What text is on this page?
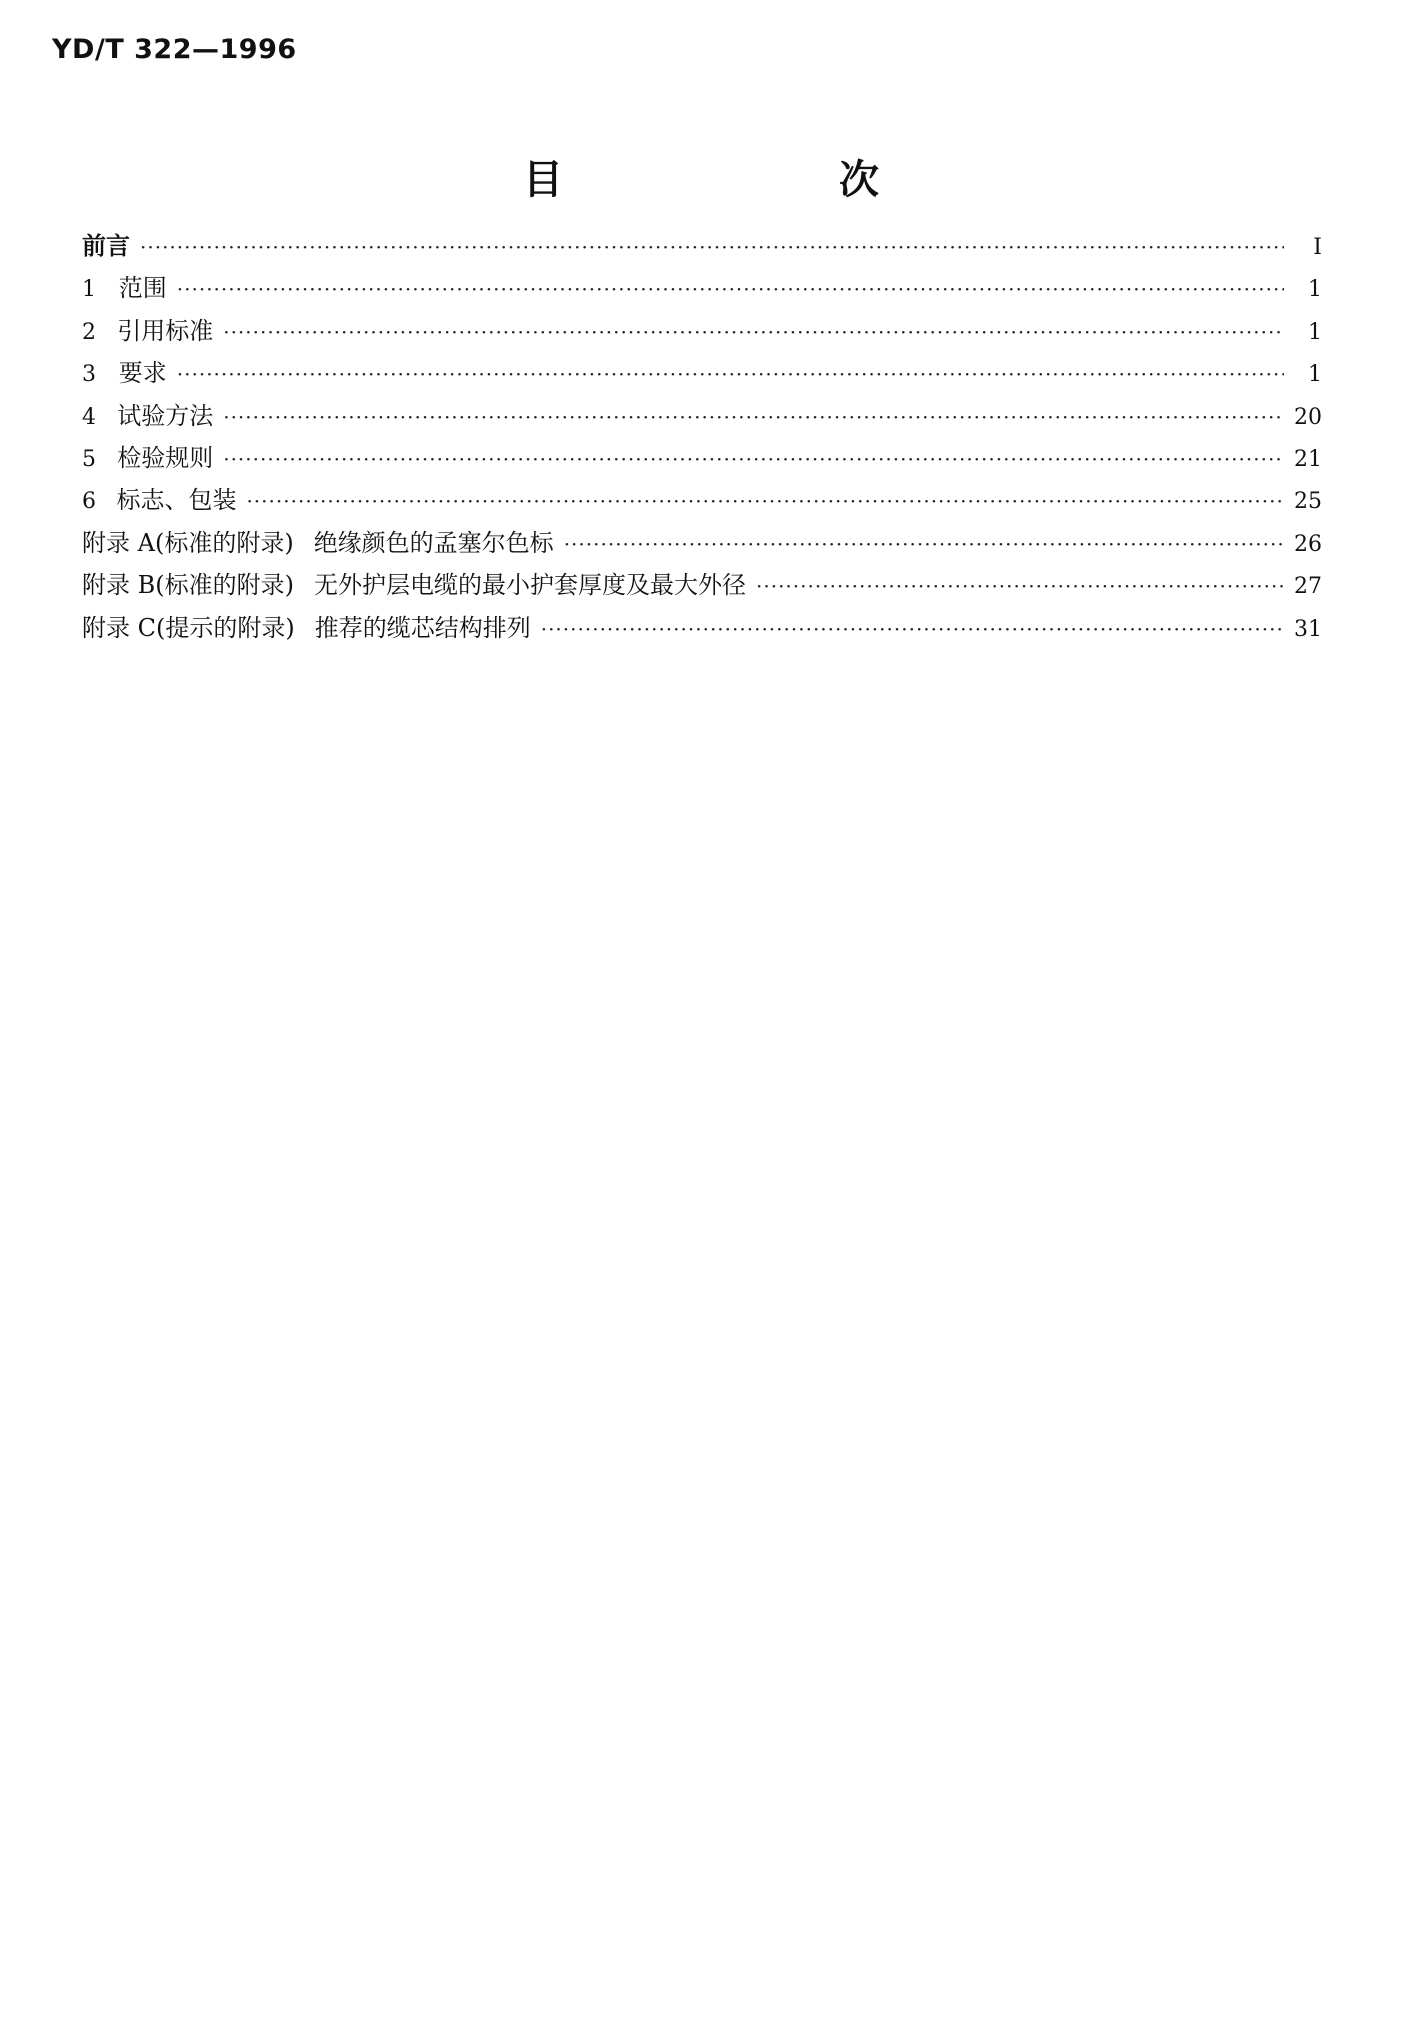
YD/T 322—1996
目　次
前言 ·····	I
1 范围 ·····	1
2 引用标准 ·····	1
3 要求 ·····	1
4 试验方法 ·····	20
5 检验规则 ·····	21
6 标志、包装 ·····	25
附录 A(标准的附录) 绝缘颜色的孟塞尔色标 ·····	26
附录 B(标准的附录) 无外护层电缆的最小护套厚度及最大外径 ·····	27
附录 C(提示的附录) 推荐的缆芯结构排列 ·····	31
